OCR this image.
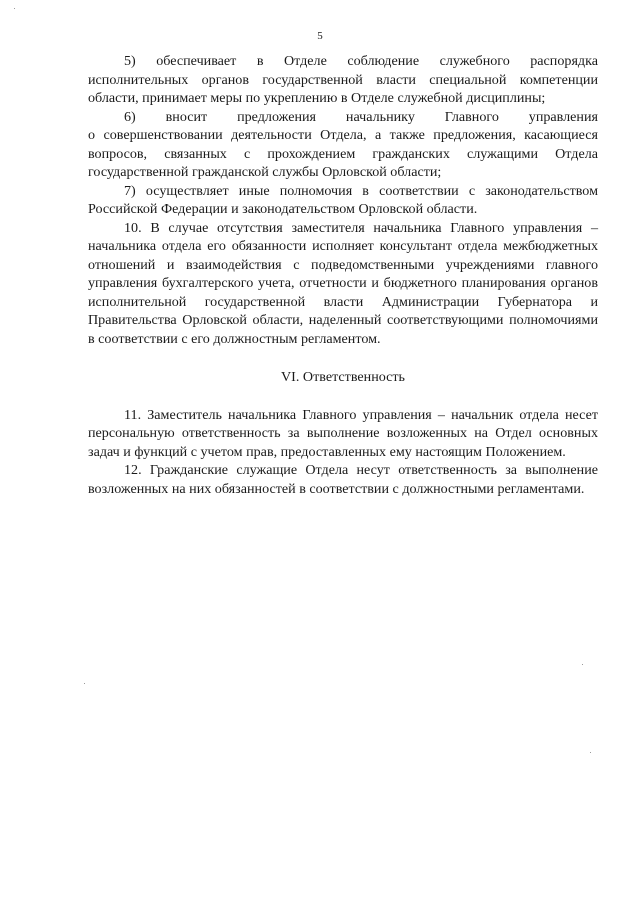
5

5) обеспечивает в Отделе соблюдение служебного распорядка исполнительных органов государственной власти специальной компетенции области, принимает меры по укреплению в Отделе служебной дисциплины;

6) вносит предложения начальнику Главного управления о совершенствовании деятельности Отдела, а также предложения, касающиеся вопросов, связанных с прохождением гражданских служащими Отдела государственной гражданской службы Орловской области;

7) осуществляет иные полномочия в соответствии с законодательством Российской Федерации и законодательством Орловской области.

10. В случае отсутствия заместителя начальника Главного управления – начальника отдела его обязанности исполняет консультант отдела межбюджетных отношений и взаимодействия с подведомственными учреждениями главного управления бухгалтерского учета, отчетности и бюджетного планирования органов исполнительной государственной власти Администрации Губернатора и Правительства Орловской области, наделенный соответствующими полномочиями в соответствии с его должностным регламентом.

VI. Ответственность

11. Заместитель начальника Главного управления – начальник отдела несет персональную ответственность за выполнение возложенных на Отдел основных задач и функций с учетом прав, предоставленных ему настоящим Положением.

12. Гражданские служащие Отдела несут ответственность за выполнение возложенных на них обязанностей в соответствии с должностными регламентами.
